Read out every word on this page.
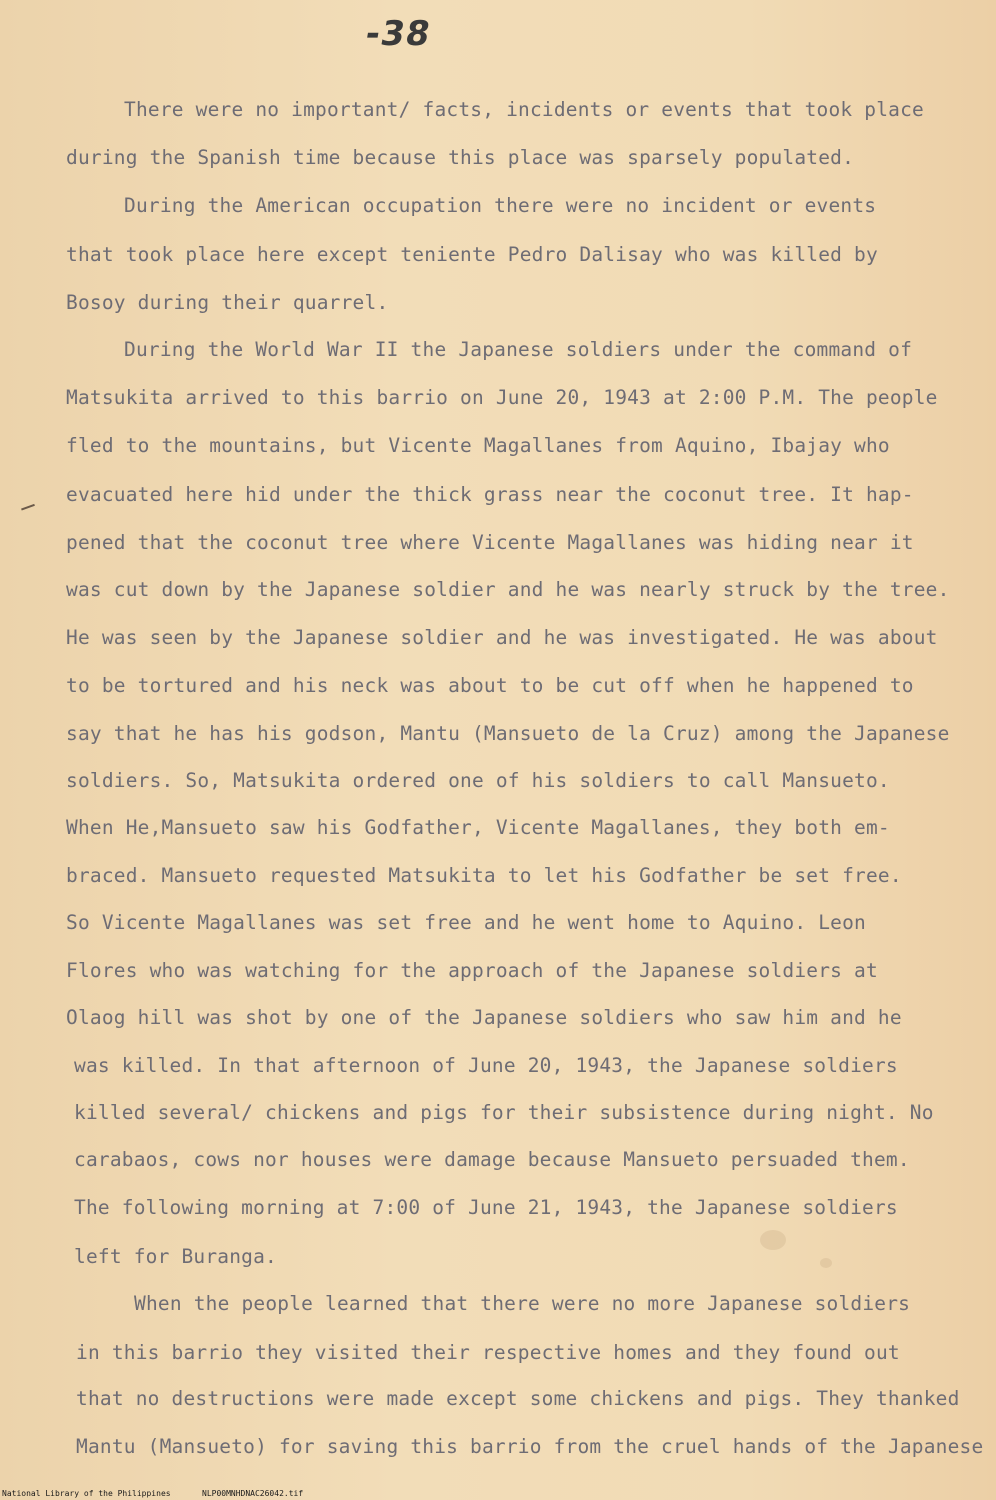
-38
There were no important/ facts, incidents or events that took place
during the Spanish time because this place was sparsely populated.
During the American occupation there were no incident or events
that took place here except teniente Pedro Dalisay who was killed by
Bosoy during their quarrel.
During the World War II the Japanese soldiers under the command of
Matsukita arrived to this barrio on June 20, 1943 at 2:00 P.M. The people
fled to the mountains, but Vicente Magallanes from Aquino, Ibajay who
evacuated here hid under the thick grass near the coconut tree. It hap-
pened that the coconut tree where Vicente Magallanes was hiding near it
was cut down by the Japanese soldier and he was nearly struck by the tree.
He was seen by the Japanese soldier and he was investigated. He was about
to be tortured and his neck was about to be cut off when he happened to
say that he has his godson, Mantu (Mansueto de la Cruz) among the Japanese
soldiers. So, Matsukita ordered one of his soldiers to call Mansueto.
When He,Mansueto saw his Godfather, Vicente Magallanes, they both em-
braced. Mansueto requested Matsukita to let his Godfather be set free.
So Vicente Magallanes was set free and he went home to Aquino. Leon
Flores who was watching for the approach of the Japanese soldiers at
Olaog hill was shot by one of the Japanese soldiers who saw him and he
was killed. In that afternoon of June 20, 1943, the Japanese soldiers
killed several/ chickens and pigs for their subsistence during night. No
carabaos, cows nor houses were damage because Mansueto persuaded them.
The following morning at 7:00 of June 21, 1943, the Japanese soldiers
left for Buranga.
When the people learned that there were no more Japanese soldiers
in this barrio they visited their respective homes and they found out
that no destructions were made except some chickens and pigs. They thanked
Mantu (Mansueto) for saving this barrio from the cruel hands of the Japanese
National Library of the Philippines	NLP00MNHDNAC26042.tif
